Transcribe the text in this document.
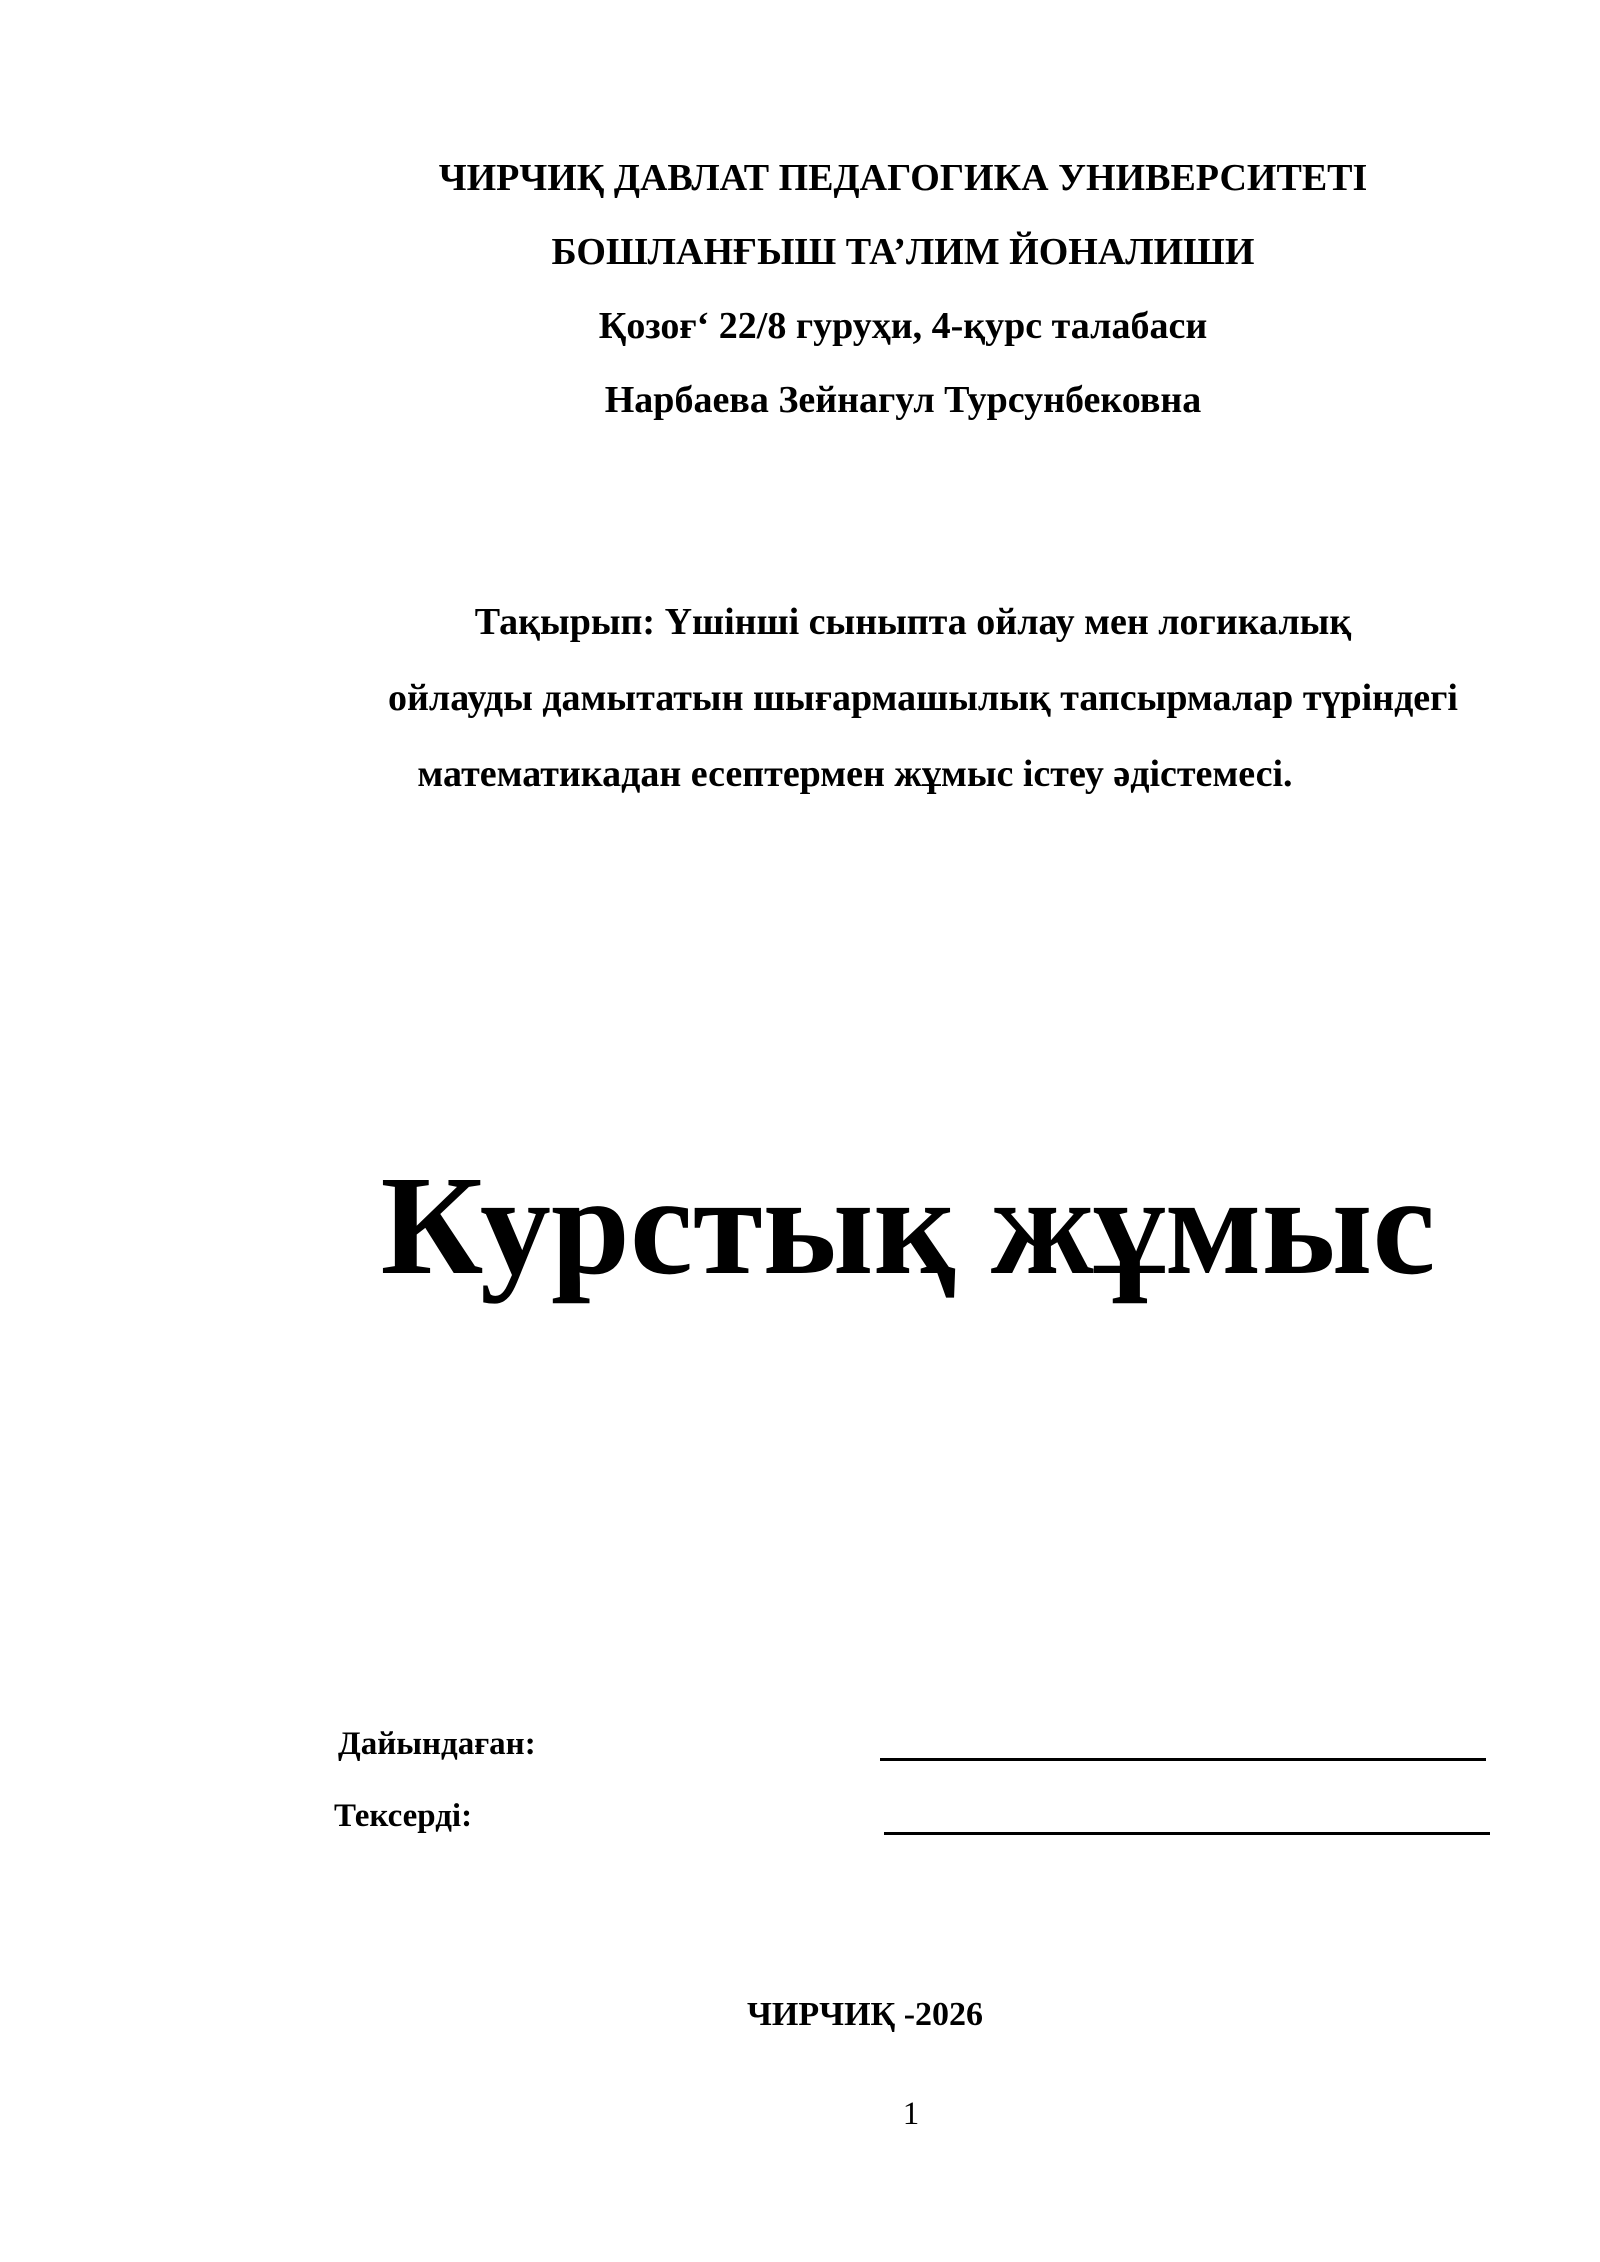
ЧИРЧИҚ ДАВЛАТ ПЕДАГОГИКА УНИВЕРСИТЕТІ
БОШЛАНҒЫШ ТА’ЛИМ ЙОНАЛИШИ
Қозоғ‘ 22/8 гуруҳи, 4-қурс талабаси
Нарбаева Зейнагул Турсунбековна
Тақырып: Үшінші сыныпта ойлау мен логикалық
ойлауды дамытатын шығармашылық тапсырмалар түріндегі
математикадан есептермен жұмыс істеу әдістемесі.
Курстық жұмыс
Дайындаған:
Тексерді:
ЧИРЧИҚ -2026
1
